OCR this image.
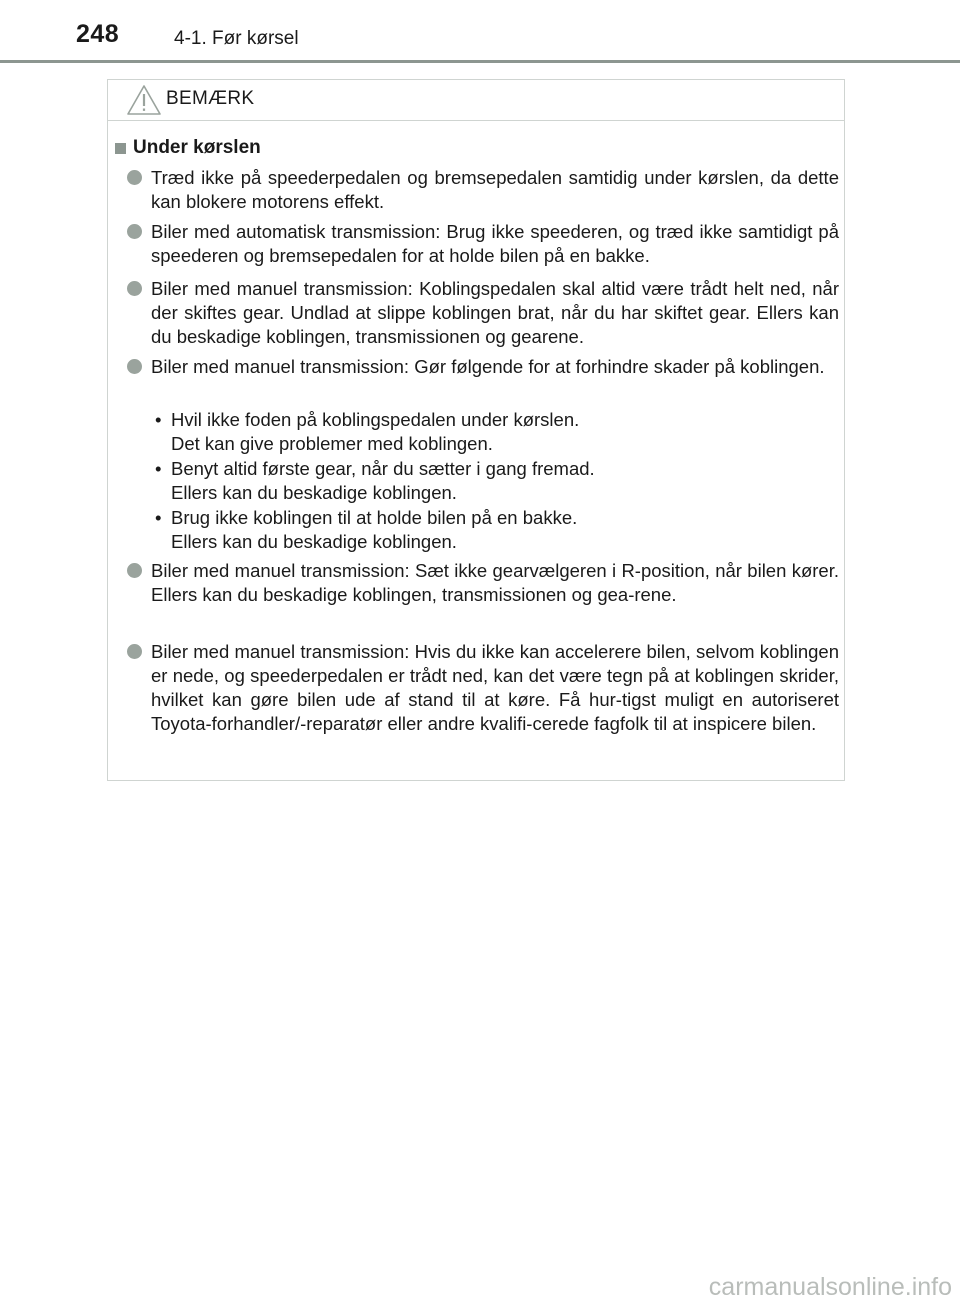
248	4-1. Før kørsel
BEMÆRK
Under kørslen
Træd ikke på speederpedalen og bremsepedalen samtidig under kørslen, da dette kan blokere motorens effekt.
Biler med automatisk transmission: Brug ikke speederen, og træd ikke samtidigt på speederen og bremsepedalen for at holde bilen på en bakke.
Biler med manuel transmission: Koblingspedalen skal altid være trådt helt ned, når der skiftes gear. Undlad at slippe koblingen brat, når du har skiftet gear. Ellers kan du beskadige koblingen, transmissionen og gearene.
Biler med manuel transmission: Gør følgende for at forhindre skader på koblingen.
• Hvil ikke foden på koblingspedalen under kørslen.
Det kan give problemer med koblingen.
• Benyt altid første gear, når du sætter i gang fremad.
Ellers kan du beskadige koblingen.
• Brug ikke koblingen til at holde bilen på en bakke.
Ellers kan du beskadige koblingen.
Biler med manuel transmission: Sæt ikke gearvælgeren i R-position, når bilen kører. Ellers kan du beskadige koblingen, transmissionen og gea-rene.
Biler med manuel transmission: Hvis du ikke kan accelerere bilen, selvom koblingen er nede, og speederpedalen er trådt ned, kan det være tegn på at koblingen skrider, hvilket kan gøre bilen ude af stand til at køre. Få hur-tigst muligt en autoriseret Toyota-forhandler/-reparatør eller andre kvalifi-cerede fagfolk til at inspicere bilen.
carmanualsonline.info
